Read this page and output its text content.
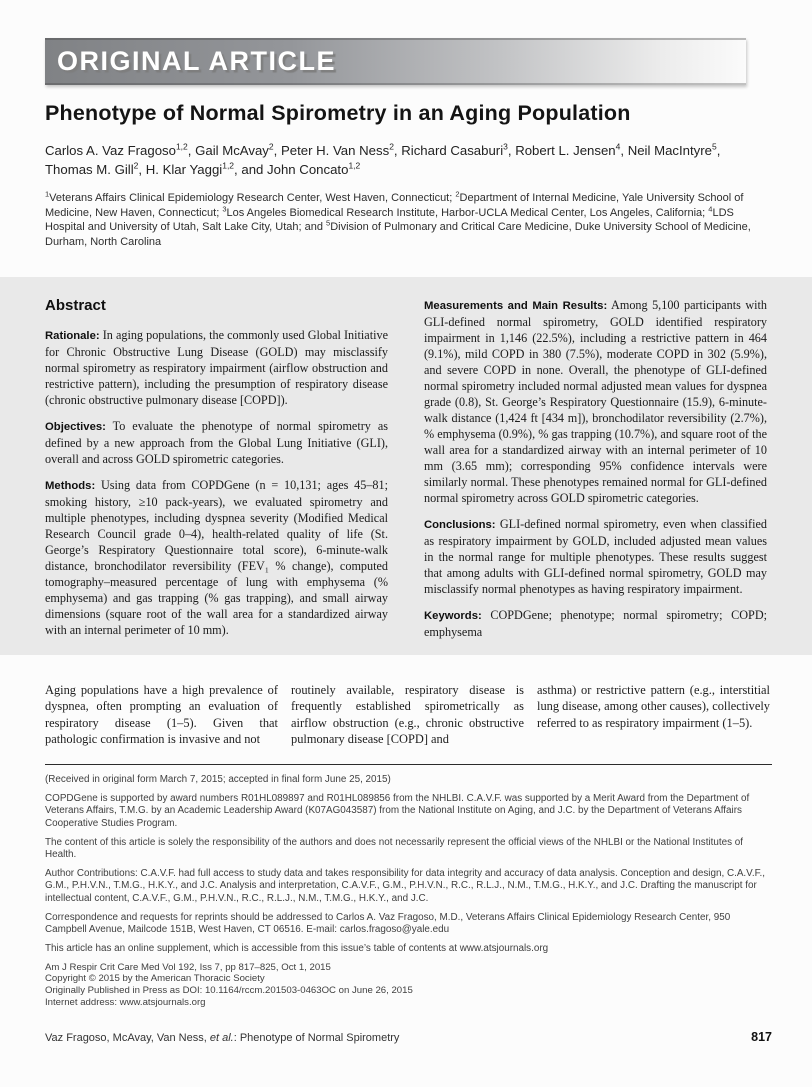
ORIGINAL ARTICLE
Phenotype of Normal Spirometry in an Aging Population

Carlos A. Vaz Fragoso$^{1,2}$, Gail McAvay$^2$, Peter H. Van Ness$^2$, Richard Casaburi$^3$, Robert L. Jensen$^4$, Neil MacIntyre$^5$, Thomas M. Gill$^2$, H. Klar Yaggi$^{1,2}$, and John Concato$^{1,2}$

$^1$Veterans Affairs Clinical Epidemiology Research Center, West Haven, Connecticut; $^2$Department of Internal Medicine, Yale University School of Medicine, New Haven, Connecticut; $^3$Los Angeles Biomedical Research Institute, Harbor-UCLA Medical Center, Los Angeles, California; $^4$LDS Hospital and University of Utah, Salt Lake City, Utah; and $^5$Division of Pulmonary and Critical Care Medicine, Duke University School of Medicine, Durham, North Carolina

Abstract

Rationale: In aging populations, the commonly used Global Initiative for Chronic Obstructive Lung Disease (GOLD) may misclassify normal spirometry as respiratory impairment (airflow obstruction and restrictive pattern), including the presumption of respiratory disease (chronic obstructive pulmonary disease [COPD]).

Objectives: To evaluate the phenotype of normal spirometry as defined by a new approach from the Global Lung Initiative (GLI), overall and across GOLD spirometric categories.

Methods: Using data from COPDGene (n = 10,131; ages 45–81; smoking history, ≥10 pack-years), we evaluated spirometry and multiple phenotypes, including dyspnea severity (Modified Medical Research Council grade 0–4), health-related quality of life (St. George’s Respiratory Questionnaire total score), 6-minute-walk distance, bronchodilator reversibility (FEV₁ % change), computed tomography–measured percentage of lung with emphysema (% emphysema) and gas trapping (% gas trapping), and small airway dimensions (square root of the wall area for a standardized airway with an internal perimeter of 10 mm).

Measurements and Main Results: Among 5,100 participants with GLI-defined normal spirometry, GOLD identified respiratory impairment in 1,146 (22.5%), including a restrictive pattern in 464 (9.1%), mild COPD in 380 (7.5%), moderate COPD in 302 (5.9%), and severe COPD in none. Overall, the phenotype of GLI-defined normal spirometry included normal adjusted mean values for dyspnea grade (0.8), St. George’s Respiratory Questionnaire (15.9), 6-minute-walk distance (1,424 ft [434 m]), bronchodilator reversibility (2.7%), % emphysema (0.9%), % gas trapping (10.7%), and square root of the wall area for a standardized airway with an internal perimeter of 10 mm (3.65 mm); corresponding 95% confidence intervals were similarly normal. These phenotypes remained normal for GLI-defined normal spirometry across GOLD spirometric categories.

Conclusions: GLI-defined normal spirometry, even when classified as respiratory impairment by GOLD, included adjusted mean values in the normal range for multiple phenotypes. These results suggest that among adults with GLI-defined normal spirometry, GOLD may misclassify normal phenotypes as having respiratory impairment.

Keywords: COPDGene; phenotype; normal spirometry; COPD; emphysema

Aging populations have a high prevalence of dyspnea, often prompting an evaluation of respiratory disease (1–5). Given that pathologic confirmation is invasive and not

routinely available, respiratory disease is frequently established spirometrically as airflow obstruction (e.g., chronic obstructive pulmonary disease [COPD] and

asthma) or restrictive pattern (e.g., interstitial lung disease, among other causes), collectively referred to as respiratory impairment (1–5).

(Received in original form March 7, 2015; accepted in final form June 25, 2015)

COPDGene is supported by award numbers R01HL089897 and R01HL089856 from the NHLBI. C.A.V.F. was supported by a Merit Award from the Department of Veterans Affairs, T.M.G. by an Academic Leadership Award (K07AG043587) from the National Institute on Aging, and J.C. by the Department of Veterans Affairs Cooperative Studies Program.

The content of this article is solely the responsibility of the authors and does not necessarily represent the official views of the NHLBI or the National Institutes of Health.

Author Contributions: C.A.V.F. had full access to study data and takes responsibility for data integrity and accuracy of data analysis. Conception and design, C.A.V.F., G.M., P.H.V.N., T.M.G., H.K.Y., and J.C. Analysis and interpretation, C.A.V.F., G.M., P.H.V.N., R.C., R.L.J., N.M., T.M.G., H.K.Y., and J.C. Drafting the manuscript for intellectual content, C.A.V.F., G.M., P.H.V.N., R.C., R.L.J., N.M., T.M.G., H.K.Y., and J.C.

Correspondence and requests for reprints should be addressed to Carlos A. Vaz Fragoso, M.D., Veterans Affairs Clinical Epidemiology Research Center, 950 Campbell Avenue, Mailcode 151B, West Haven, CT 06516. E-mail: carlos.fragoso@yale.edu

This article has an online supplement, which is accessible from this issue’s table of contents at www.atsjournals.org

Am J Respir Crit Care Med Vol 192, Iss 7, pp 817–825, Oct 1, 2015

Copyright © 2015 by the American Thoracic Society

Originally Published in Press as DOI: 10.1164/rccm.201503-0463OC on June 26, 2015

Internet address: www.atsjournals.org

Vaz Fragoso, McAvay, Van Ness, et al.: Phenotype of Normal Spirometry	817
